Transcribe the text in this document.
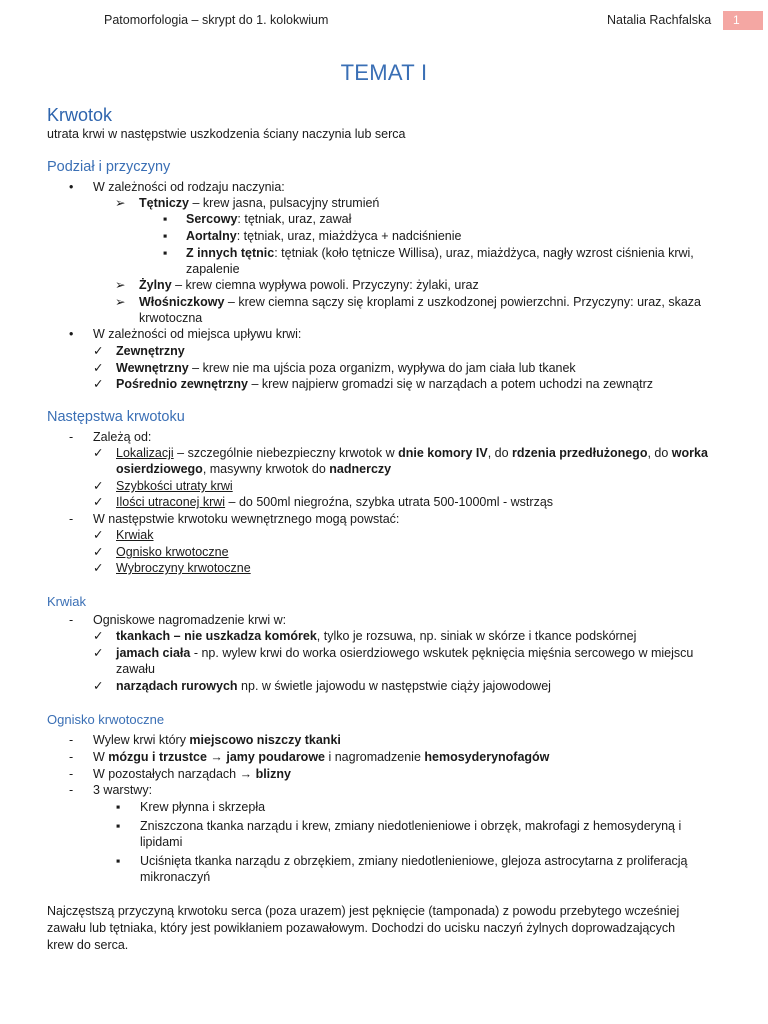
Patomorfologia – skrypt do 1. kolokwium	Natalia Rachfalska	1
TEMAT I
Krwotok
utrata krwi w następstwie uszkodzenia ściany naczynia lub serca
Podział i przyczyny
• W zależności od rodzaju naczynia:
➢ Tętniczy – krew jasna, pulsacyjny strumień
▪ Sercowy: tętniak, uraz, zawał
▪ Aortalny: tętniak, uraz, miażdżyca + nadciśnienie
▪ Z innych tętnic: tętniak (koło tętnicze Willisa), uraz, miażdżyca, nagły wzrost ciśnienia krwi,
zapalenie
➢ Żylny – krew ciemna wypływa powoli. Przyczyny: żylaki, uraz
➢ Włośniczkowy – krew ciemna sączy się kroplami z uszkodzonej powierzchni. Przyczyny: uraz, skaza
krwotoczna
• W zależności od miejsca upływu krwi:
✓ Zewnętrzny
✓ Wewnętrzny – krew nie ma ujścia poza organizm, wypływa do jam ciała lub tkanek
✓ Pośrednio zewnętrzny – krew najpierw gromadzi się w narządach a potem uchodzi na zewnątrz
Następstwa krwotoku
- Zależą od:
✓ Lokalizacji – szczególnie niebezpieczny krwotok w dnie komory IV, do rdzenia przedłużonego, do worka
osierdziowego, masywny krwotok do nadnerczy
✓ Szybkości utraty krwi
✓ Ilości utraconej krwi – do 500ml niegroźna, szybka utrata 500-1000ml - wstrząs
- W następstwie krwotoku wewnętrznego mogą powstać:
✓ Krwiak
✓ Ognisko krwotoczne
✓ Wybroczyny krwotoczne
Krwiak
- Ogniskowe nagromadzenie krwi w:
✓ tkankach – nie uszkadza komórek, tylko je rozsuwa, np. siniak w skórze i tkance podskórnej
✓ jamach ciała - np. wylew krwi do worka osierdziowego wskutek pęknięcia mięśnia sercowego w miejscu
zawału
✓ narządach rurowych np. w świetle jajowodu w następstwie ciąży jajowodowej
Ognisko krwotoczne
- Wylew krwi który miejscowo niszczy tkanki
- W mózgu i trzustce → jamy poudarowe i nagromadzenie hemosyderynofagów
- W pozostałych narządach → blizny
- 3 warstwy:
▪ Krew płynna i skrzepła
▪ Zniszczona tkanka narządu i krew, zmiany niedotlenieniowe i obrzęk, makrofagi z hemosyderyną i
lipidami
▪ Uciśnięta tkanka narządu z obrzękiem, zmiany niedotlenieniowe, glejoza astrocytarna z proliferacją
mikronaczyń
Najczęstszą przyczyną krwotoku serca (poza urazem) jest pęknięcie (tamponada) z powodu przebytego wcześniej
zawału lub tętniaka, który jest powikłaniem pozawałowym. Dochodzi do ucisku naczyń żylnych doprowadzających
krew do serca.
